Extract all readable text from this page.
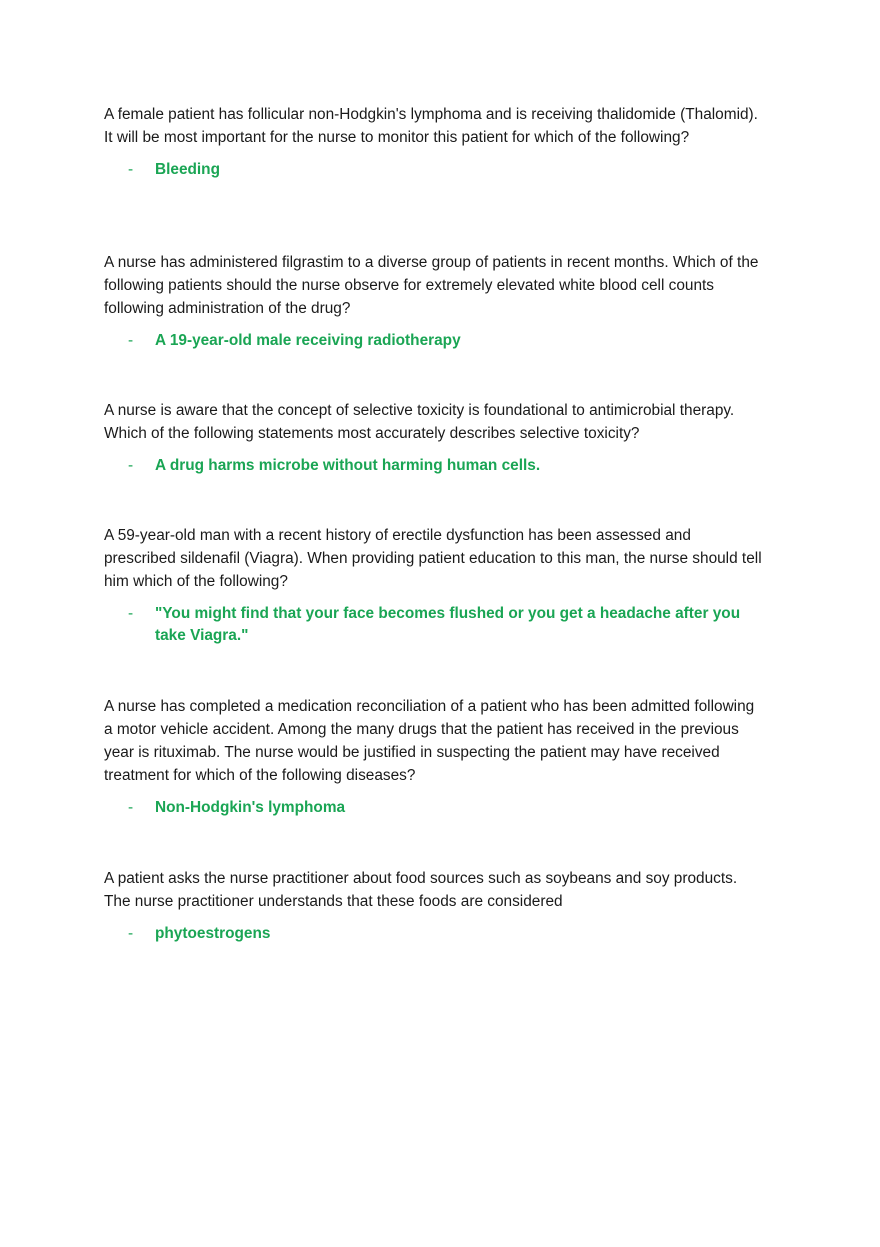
A female patient has follicular non-Hodgkin's lymphoma and is receiving thalidomide (Thalomid). It will be most important for the nurse to monitor this patient for which of the following?

- Bleeding

A nurse has administered filgrastim to a diverse group of patients in recent months. Which of the following patients should the nurse observe for extremely elevated white blood cell counts following administration of the drug?

- A 19-year-old male receiving radiotherapy

A nurse is aware that the concept of selective toxicity is foundational to antimicrobial therapy. Which of the following statements most accurately describes selective toxicity?

- A drug harms microbe without harming human cells.

A 59-year-old man with a recent history of erectile dysfunction has been assessed and prescribed sildenafil (Viagra). When providing patient education to this man, the nurse should tell him which of the following?

- "You might find that your face becomes flushed or you get a headache after you take Viagra."

A nurse has completed a medication reconciliation of a patient who has been admitted following a motor vehicle accident. Among the many drugs that the patient has received in the previous year is rituximab. The nurse would be justified in suspecting the patient may have received treatment for which of the following diseases?

- Non-Hodgkin's lymphoma

A patient asks the nurse practitioner about food sources such as soybeans and soy products. The nurse practitioner understands that these foods are considered

- phytoestrogens
